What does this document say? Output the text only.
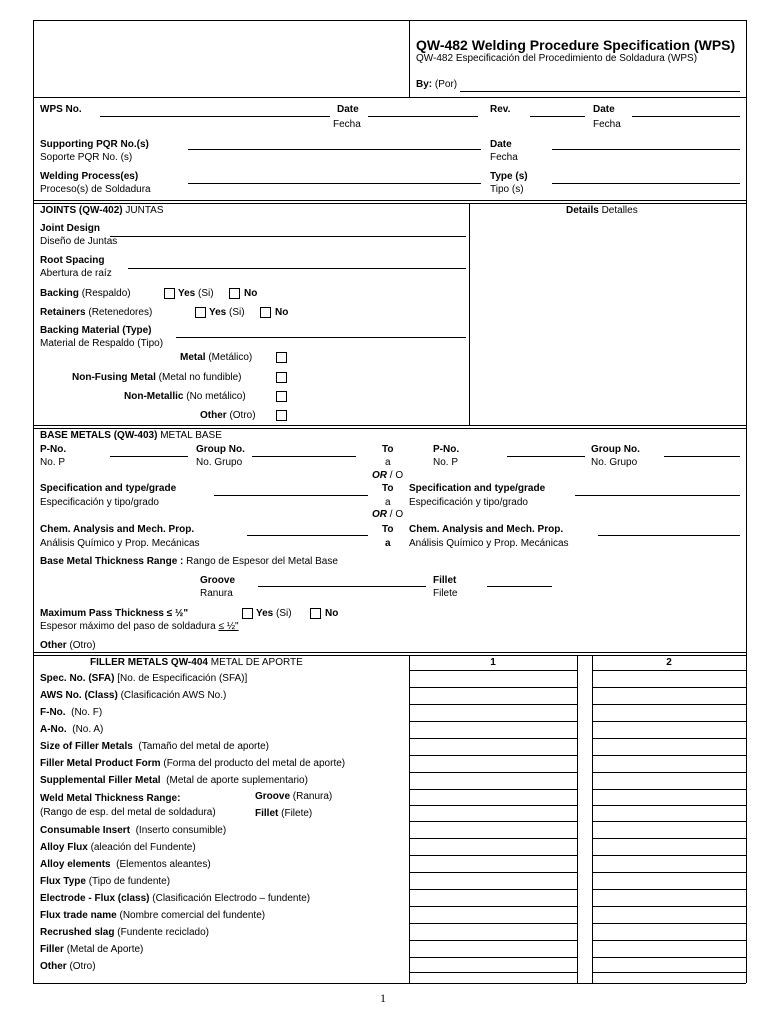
QW-482 Welding Procedure Specification (WPS)
QW-482 Especificación del Procedimiento de Soldadura (WPS)
By: (Por)
WPS No.	Date
Fecha
Rev.	Date
Fecha
Supporting PQR No.(s)
Soporte PQR No. (s)
Date
Fecha
Welding Process(es)
Proceso(s) de Soldadura
Type (s)
Tipo (s)
JOINTS (QW-402) JUNTAS	Details Detalles
Joint Design
Diseño de Juntas
Root Spacing
Abertura de raíz
Backing (Respaldo)	Yes (Si)	No
Retainers (Retenedores)	Yes (Si)	No
Backing Material (Type)
Material de Respaldo (Tipo)
Metal (Metálico)
Non-Fusing Metal (Metal no fundible)
Non-Metallic (No metálico)
Other (Otro)
BASE METALS (QW-403) METAL BASE
P-No.
No. P
Group No.
No. Grupo
To
a
P-No.
No. P
Group No.
No. Grupo
OR / O
Specification and type/grade
Especificación y tipo/grado
To
a
Specification and type/grade
Especificación y tipo/grado
OR / O
Chem. Analysis and Mech. Prop.
Análisis Químico y Prop. Mecánicas
To
a
Chem. Analysis and Mech. Prop.
Análisis Químico y Prop. Mecánicas
Base Metal Thickness Range : Rango de Espesor del Metal Base
Groove
Ranura
Fillet
Filete
Maximum Pass Thickness ≤ ½"
Espesor máximo del paso de soldadura ≤ ½"
Yes (Si)	No
Other (Otro)
FILLER METALS QW-404 METAL DE APORTE	1	2
Spec. No. (SFA) [No. de Especificación (SFA)]
AWS No. (Class) (Clasificación AWS No.)
F-No. (No. F)
A-No. (No. A)
Size of Filler Metals (Tamaño del metal de aporte)
Filler Metal Product Form (Forma del producto del metal de aporte)
Supplemental Filler Metal (Metal de aporte suplementario)
Weld Metal Thickness Range:
(Rango de esp. del metal de soldadura)
Groove (Ranura)
Fillet (Filete)
Consumable Insert (Inserto consumible)
Alloy Flux (aleación del Fundente)
Alloy elements (Elementos aleantes)
Flux Type (Tipo de fundente)
Electrode - Flux (class) (Clasificación Electrodo – fundente)
Flux trade name (Nombre comercial del fundente)
Recrushed slag (Fundente reciclado)
Filler (Metal de Aporte)
Other (Otro)
1
